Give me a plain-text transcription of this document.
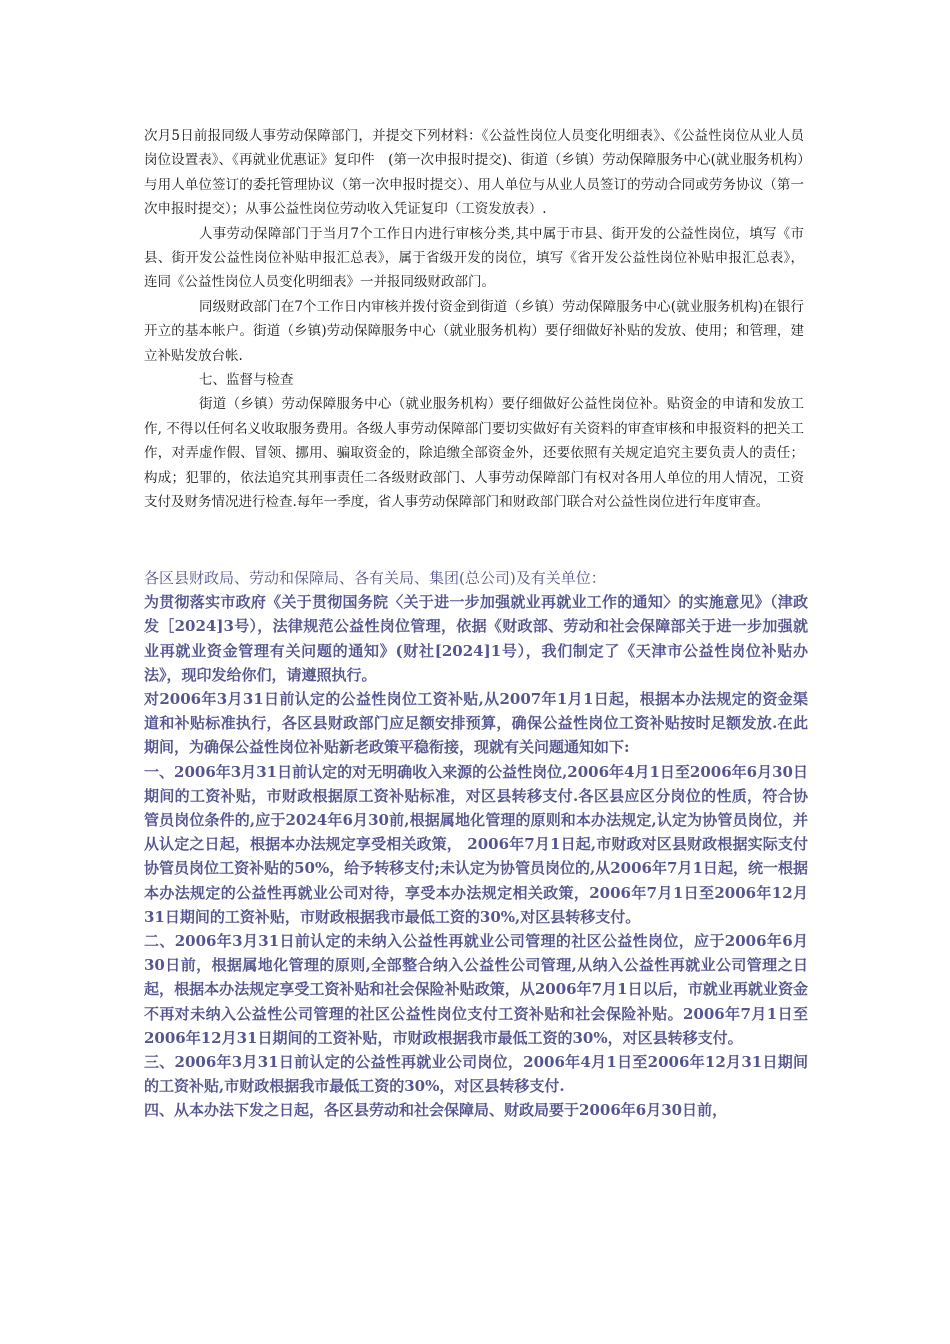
次月5日前报同级人事劳动保障部门，并提交下列材料：《公益性岗位人员变化明细表》、《公益性岗位从业人员岗位设置表》、《再就业优惠证》复印件　(第一次申报时提交)、街道（乡镇）劳动保障服务中心(就业服务机构）与用人单位签订的委托管理协议（第一次申报时提交）、用人单位与从业人员签订的劳动合同或劳务协议（第一次申报时提交）；从事公益性岗位劳动收入凭证复印（工资发放表）.

人事劳动保障部门于当月7个工作日内进行审核分类,其中属于市县、街开发的公益性岗位，填写《市县、街开发公益性岗位补贴申报汇总表》，属于省级开发的岗位，填写《省开发公益性岗位补贴申报汇总表》，连同《公益性岗位人员变化明细表》一并报同级财政部门。

同级财政部门在7个工作日内审核并拨付资金到街道（乡镇）劳动保障服务中心(就业服务机构)在银行开立的基本帐户。街道（乡镇)劳动保障服务中心（就业服务机构）要仔细做好补贴的发放、使用；和管理，建立补贴发放台帐.

七、监督与检查

街道（乡镇）劳动保障服务中心（就业服务机构）要仔细做好公益性岗位补。贴资金的申请和发放工作, 不得以任何名义收取服务费用。各级人事劳动保障部门要切实做好有关资料的审查审核和申报资料的把关工作，对弄虚作假、冒领、挪用、骗取资金的，除追缴全部资金外，还要依照有关规定追究主要负责人的责任；构成；犯罪的，依法追究其刑事责任二各级财政部门、人事劳动保障部门有权对各用人单位的用人情况，工资支付及财务情况进行检查.每年一季度，省人事劳动保障部门和财政部门联合对公益性岗位进行年度审查。

各区县财政局、劳动和保障局、各有关局、集团(总公司)及有关单位：

为贯彻落实市政府《关于贯彻国务院〈关于进一步加强就业再就业工作的通知〉的实施意见》（津政发［2024]3号），法律规范公益性岗位管理，依据《财政部、劳动和社会保障部关于进一步加强就业再就业资金管理有关问题的通知》(财社[2024]1号），我们制定了《天津市公益性岗位补贴办法》，现印发给你们，请遵照执行。

对2006年3月31日前认定的公益性岗位工资补贴,从2007年1月1日起，根据本办法规定的资金渠道和补贴标准执行，各区县财政部门应足额安排预算，确保公益性岗位工资补贴按时足额发放.在此期间，为确保公益性岗位补贴新老政策平稳衔接，现就有关问题通知如下:

一、2006年3月31日前认定的对无明确收入来源的公益性岗位,2006年4月1日至2006年6月30日期间的工资补贴，市财政根据原工资补贴标准，对区县转移支付.各区县应区分岗位的性质，符合协管员岗位条件的,应于2024年6月30前,根据属地化管理的原则和本办法规定,认定为协管员岗位，并从认定之日起，根据本办法规定享受相关政策， 2006年7月1日起,市财政对区县财政根据实际支付协管员岗位工资补贴的50%，给予转移支付;未认定为协管员岗位的,从2006年7月1日起，统一根据本办法规定的公益性再就业公司对待，享受本办法规定相关政策，2006年7月1日至2006年12月31日期间的工资补贴，市财政根据我市最低工资的30%,对区县转移支付。

二、2006年3月31日前认定的未纳入公益性再就业公司管理的社区公益性岗位，应于2006年6月30日前，根据属地化管理的原则,全部整合纳入公益性公司管理,从纳入公益性再就业公司管理之日起，根据本办法规定享受工资补贴和社会保险补贴政策，从2006年7月1日以后，市就业再就业资金不再对未纳入公益性公司管理的社区公益性岗位支付工资补贴和社会保险补贴。2006年7月1日至2006年12月31日期间的工资补贴，市财政根据我市最低工资的30%，对区县转移支付。

三、2006年3月31日前认定的公益性再就业公司岗位，2006年4月1日至2006年12月31日期间的工资补贴,市财政根据我市最低工资的30%，对区县转移支付.

四、从本办法下发之日起，各区县劳动和社会保障局、财政局要于2006年6月30日前，
